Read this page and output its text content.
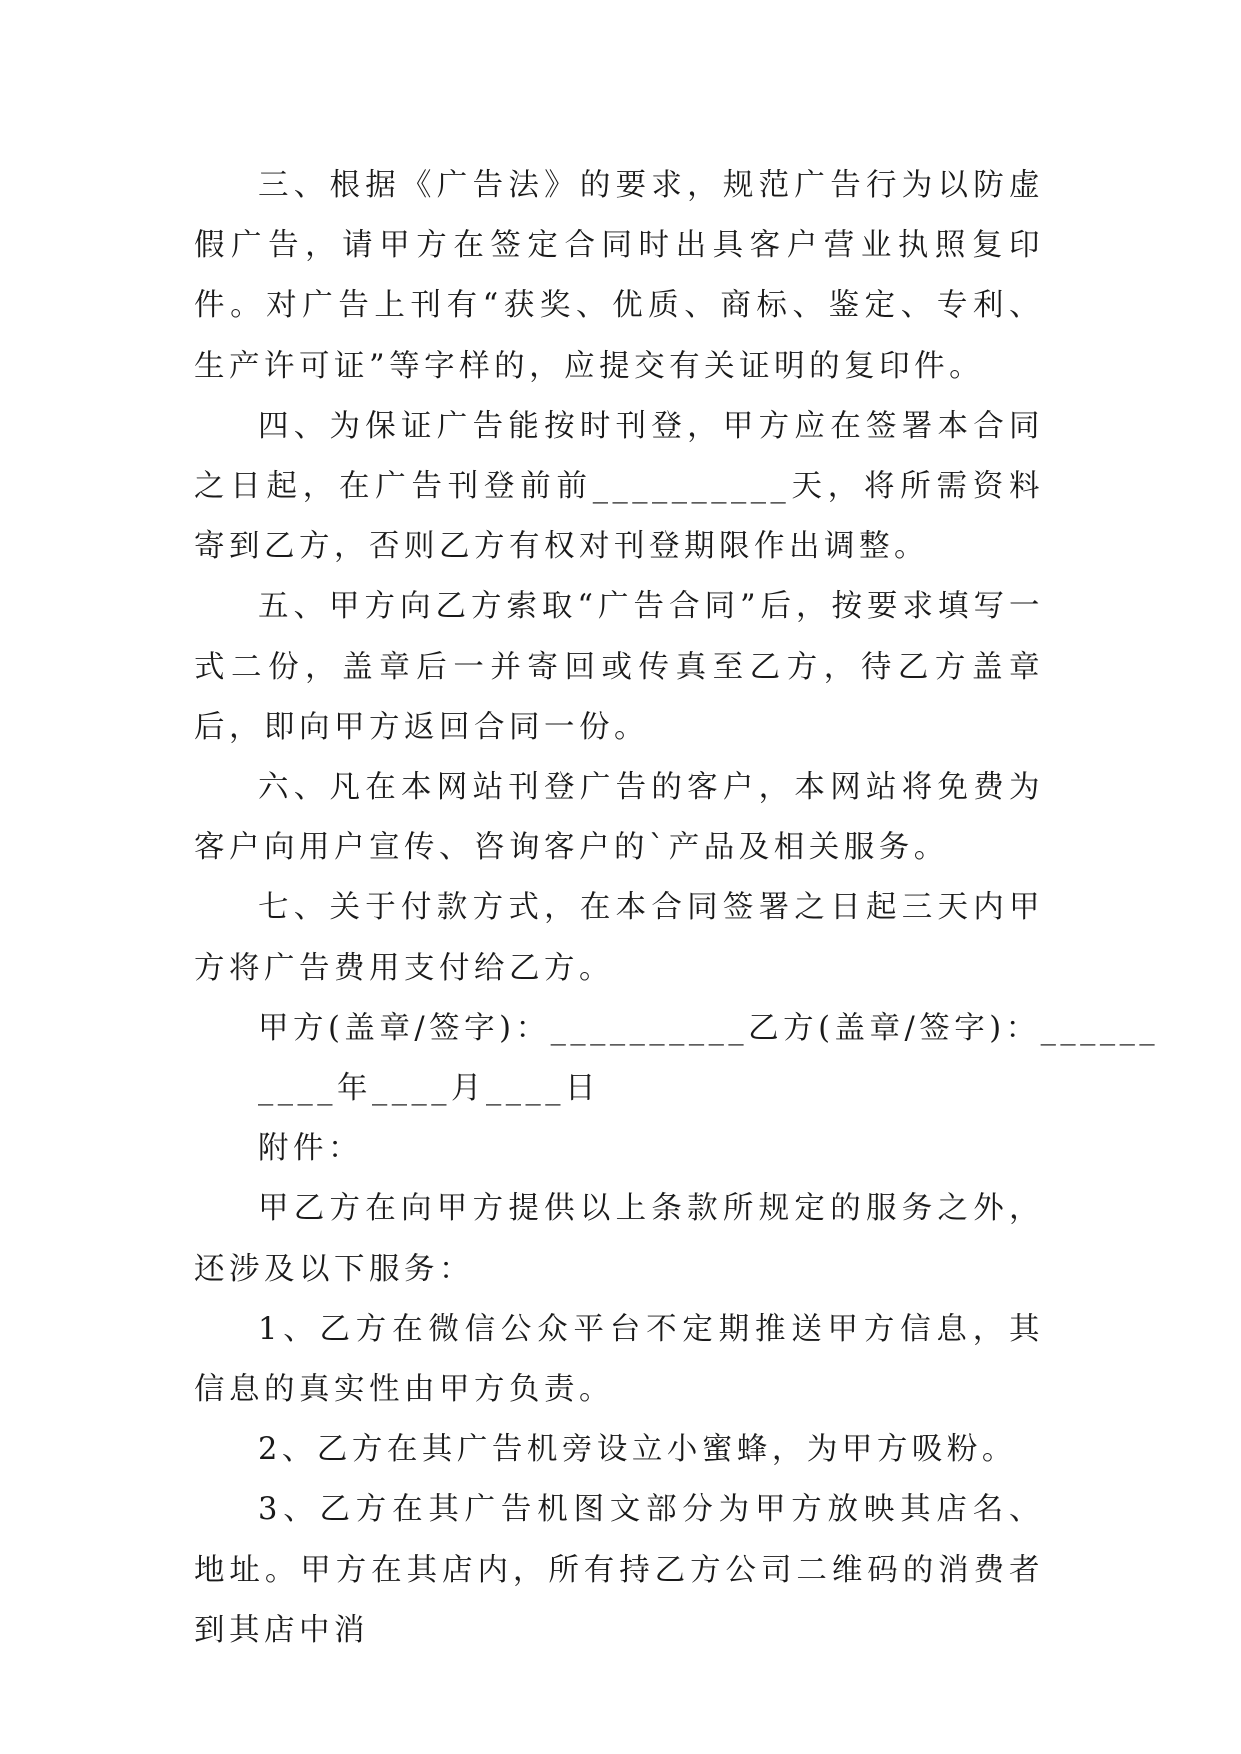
三、根据《广告法》的要求，规范广告行为以防虚假广告，请甲方在签定合同时出具客户营业执照复印件。对广告上刊有“获奖、优质、商标、鉴定、专利、生产许可证”等字样的，应提交有关证明的复印件。

四、为保证广告能按时刊登，甲方应在签署本合同之日起，在广告刊登前前__________天，将所需资料寄到乙方，否则乙方有权对刊登期限作出调整。

五、甲方向乙方索取“广告合同”后，按要求填写一式二份，盖章后一并寄回或传真至乙方，待乙方盖章后，即向甲方返回合同一份。

六、凡在本网站刊登广告的客户，本网站将免费为客户向用户宣传、咨询客户的`产品及相关服务。

七、关于付款方式，在本合同签署之日起三天内甲方将广告费用支付给乙方。

甲方(盖章/签字)：__________乙方(盖章/签字)：______

____年____月____日

附件：

甲乙方在向甲方提供以上条款所规定的服务之外，还涉及以下服务：

1、乙方在微信公众平台不定期推送甲方信息，其信息的真实性由甲方负责。

2、乙方在其广告机旁设立小蜜蜂，为甲方吸粉。

3、乙方在其广告机图文部分为甲方放映其店名、地址。甲方在其店内，所有持乙方公司二维码的消费者到其店中消
